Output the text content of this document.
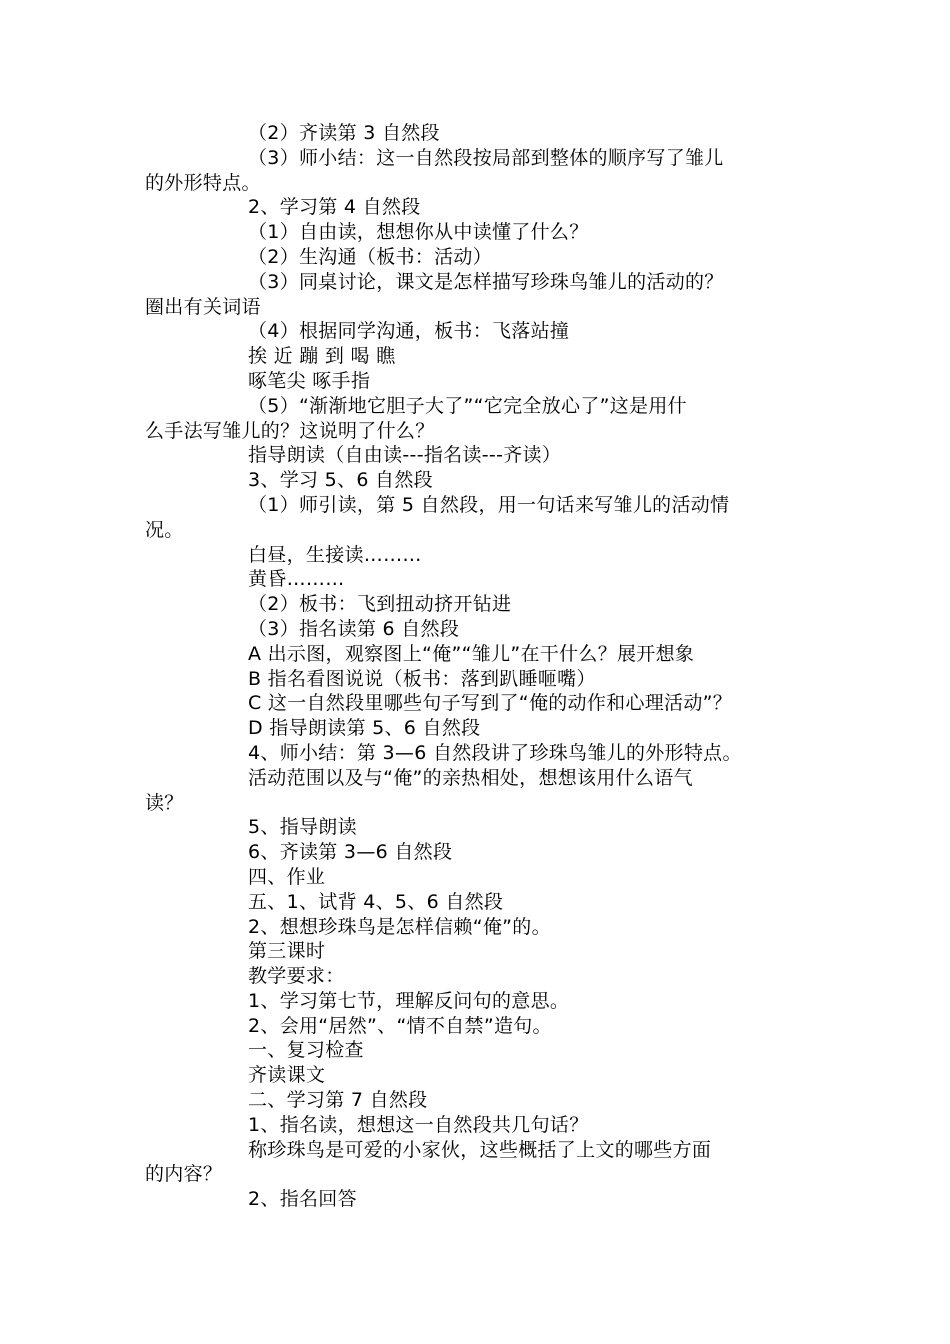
（2）齐读第 3 自然段
（3）师小结：这一自然段按局部到整体的顺序写了雏儿
的外形特点。
2、学习第 4 自然段
（1）自由读，想想你从中读懂了什么？
（2）生沟通（板书：活动）
（3）同桌讨论，课文是怎样描写珍珠鸟雏儿的活动的？
圈出有关词语
（4）根据同学沟通，板书：飞落站撞
挨 近 蹦 到 喝 瞧
啄笔尖 啄手指
（5）“渐渐地它胆子大了”“它完全放心了”这是用什
么手法写雏儿的？这说明了什么？
指导朗读（自由读---指名读---齐读）
3、学习 5、6 自然段
（1）师引读，第 5 自然段，用一句话来写雏儿的活动情
况。
白昼，生接读………
黄昏………
（2）板书：飞到扭动挤开钻进
（3）指名读第 6 自然段
A 出示图，观察图上“俺”“雏儿”在干什么？展开想象
B 指名看图说说（板书：落到趴睡咂嘴）
C 这一自然段里哪些句子写到了“俺的动作和心理活动”？
D 指导朗读第 5、6 自然段
4、师小结：第 3—6 自然段讲了珍珠鸟雏儿的外形特点。
活动范围以及与“俺”的亲热相处，想想该用什么语气
读？
5、指导朗读
6、齐读第 3—6 自然段
四、作业
五、1、试背 4、5、6 自然段
2、想想珍珠鸟是怎样信赖“俺”的。
第三课时
教学要求：
1、学习第七节，理解反问句的意思。
2、会用“居然”、“情不自禁”造句。
一、复习检查
齐读课文
二、学习第 7 自然段
1、指名读，想想这一自然段共几句话？
称珍珠鸟是可爱的小家伙，这些概括了上文的哪些方面
的内容？
2、指名回答
